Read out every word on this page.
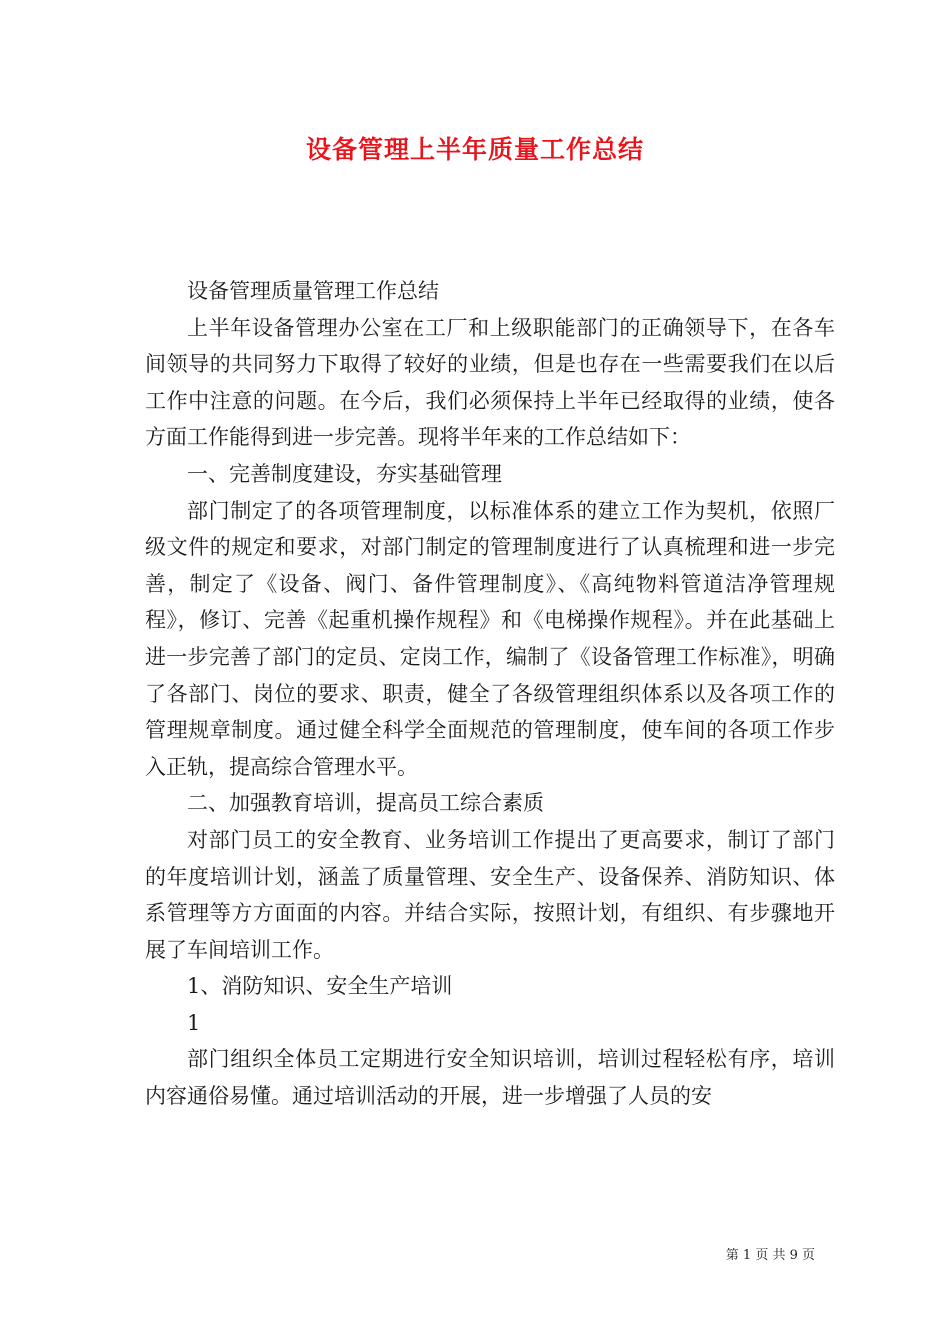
设备管理上半年质量工作总结

设备管理质量管理工作总结

上半年设备管理办公室在工厂和上级职能部门的正确领导下，在各车间领导的共同努力下取得了较好的业绩，但是也存在一些需要我们在以后工作中注意的问题。在今后，我们必须保持上半年已经取得的业绩，使各方面工作能得到进一步完善。现将半年来的工作总结如下：

一、完善制度建设，夯实基础管理

部门制定了的各项管理制度，以标准体系的建立工作为契机，依照厂级文件的规定和要求，对部门制定的管理制度进行了认真梳理和进一步完善，制定了《设备、阀门、备件管理制度》、《高纯物料管道洁净管理规程》，修订、完善《起重机操作规程》和《电梯操作规程》。并在此基础上进一步完善了部门的定员、定岗工作，编制了《设备管理工作标准》，明确了各部门、岗位的要求、职责，健全了各级管理组织体系以及各项工作的管理规章制度。通过健全科学全面规范的管理制度，使车间的各项工作步入正轨，提高综合管理水平。

二、加强教育培训，提高员工综合素质

对部门员工的安全教育、业务培训工作提出了更高要求，制订了部门的年度培训计划，涵盖了质量管理、安全生产、设备保养、消防知识、体系管理等方方面面的内容。并结合实际，按照计划，有组织、有步骤地开展了车间培训工作。

1、消防知识、安全生产培训

1

部门组织全体员工定期进行安全知识培训，培训过程轻松有序，培训内容通俗易懂。通过培训活动的开展，进一步增强了人员的安

第 1 页 共 9 页
